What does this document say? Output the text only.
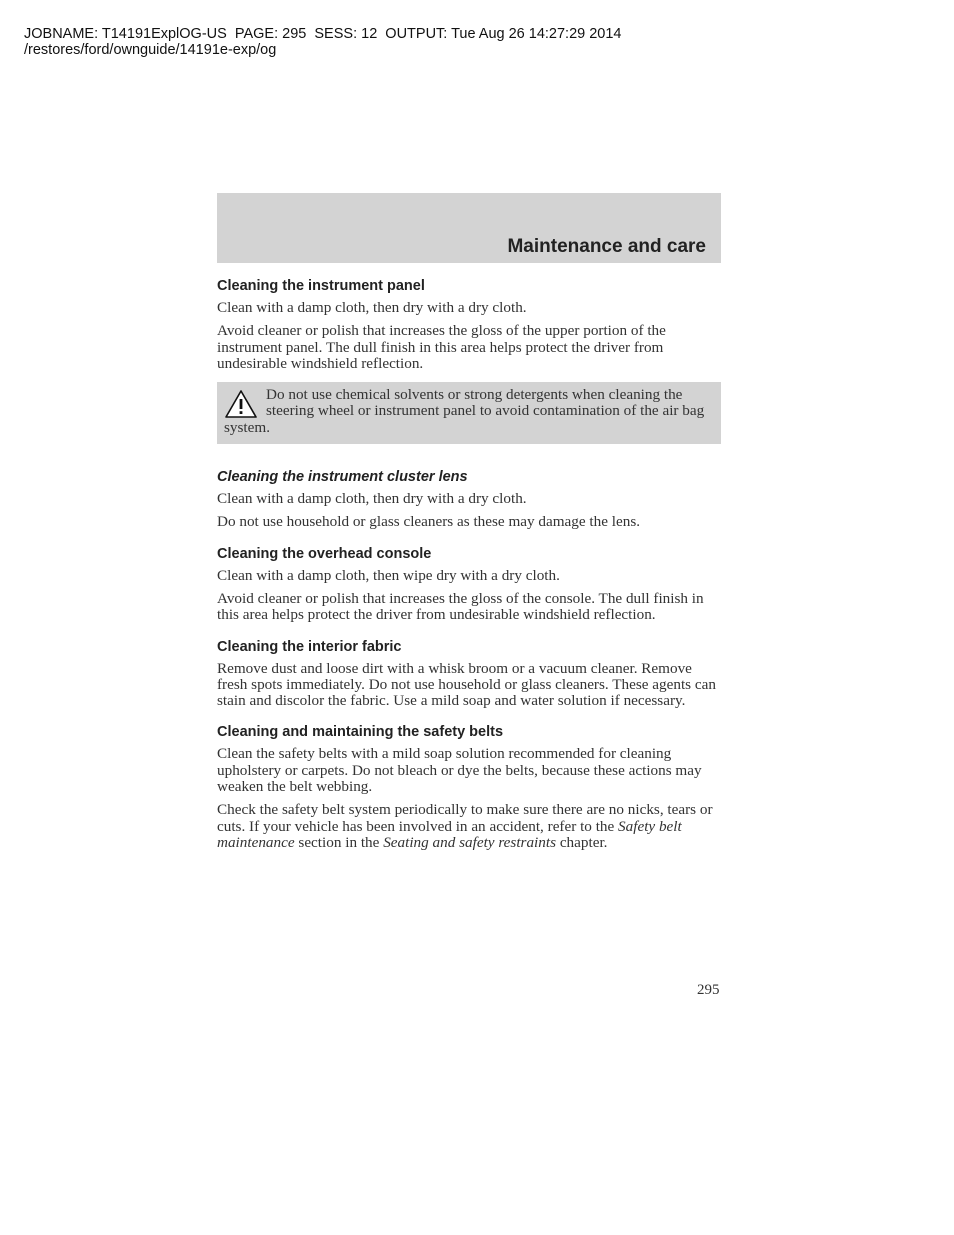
JOBNAME: T14191ExplOG-US  PAGE: 295  SESS: 12  OUTPUT: Tue Aug 26 14:27:29 2014
/restores/ford/ownguide/14191e-exp/og
Maintenance and care
Cleaning the instrument panel

Clean with a damp cloth, then dry with a dry cloth.

Avoid cleaner or polish that increases the gloss of the upper portion of the instrument panel. The dull finish in this area helps protect the driver from undesirable windshield reflection.

Do not use chemical solvents or strong detergents when cleaning the steering wheel or instrument panel to avoid contamination of the air bag system.
Cleaning the instrument cluster lens

Clean with a damp cloth, then dry with a dry cloth.

Do not use household or glass cleaners as these may damage the lens.

Cleaning the overhead console

Clean with a damp cloth, then wipe dry with a dry cloth.

Avoid cleaner or polish that increases the gloss of the console. The dull finish in this area helps protect the driver from undesirable windshield reflection.

Cleaning the interior fabric

Remove dust and loose dirt with a whisk broom or a vacuum cleaner. Remove fresh spots immediately. Do not use household or glass cleaners. These agents can stain and discolor the fabric. Use a mild soap and water solution if necessary.

Cleaning and maintaining the safety belts

Clean the safety belts with a mild soap solution recommended for cleaning upholstery or carpets. Do not bleach or dye the belts, because these actions may weaken the belt webbing.

Check the safety belt system periodically to make sure there are no nicks, tears or cuts. If your vehicle has been involved in an accident, refer to the Safety belt maintenance section in the Seating and safety restraints chapter.

295
